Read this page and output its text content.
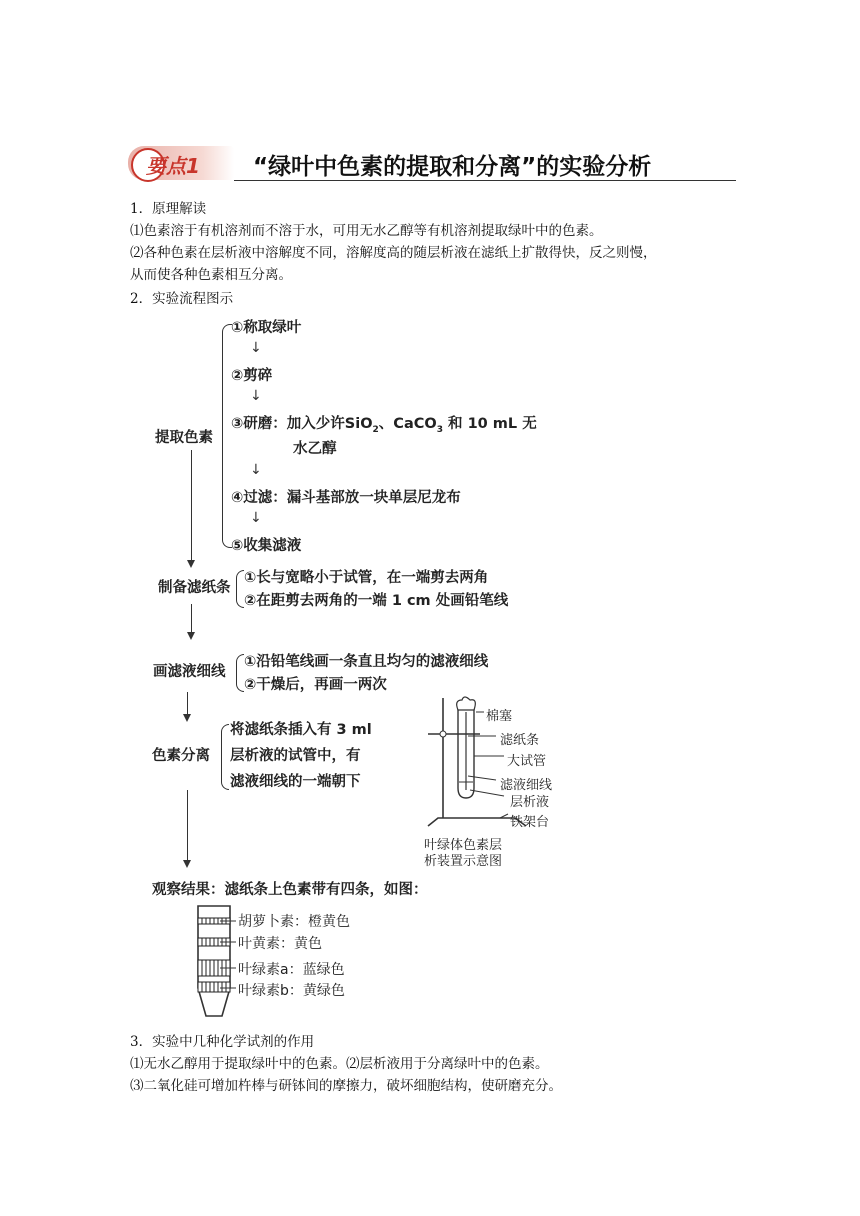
要点1 “绿叶中色素的提取和分离”的实验分析
1．原理解读
⑴色素溶于有机溶剂而不溶于水，可用无水乙醇等有机溶剂提取绿叶中的色素。
⑵各种色素在层析液中溶解度不同，溶解度高的随层析液在滤纸上扩散得快，反之则慢，
从而使各种色素相互分离。
2．实验流程图示
提取色素
①称取绿叶
↓
②剪碎
↓
③研磨：加入少许SiO$_2$、CaCO$_3$ 和 10 mL 无
水乙醇
↓
④过滤：漏斗基部放一块单层尼龙布
↓
⑤收集滤液
制备滤纸条
①长与宽略小于试管，在一端剪去两角
②在距剪去两角的一端 1 cm 处画铅笔线
画滤液细线
①沿铅笔线画一条直且均匀的滤液细线
②干燥后，再画一两次
色素分离
将滤纸条插入有 3 ml
层析液的试管中，有
滤液细线的一端朝下
观察结果：滤纸条上色素带有四条，如图：
棉塞
滤纸条
大试管
滤液细线
层析液
铁架台
叶绿体色素层
析装置示意图
胡萝卜素：橙黄色
叶黄素：黄色
叶绿素a：蓝绿色
叶绿素b：黄绿色
3．实验中几种化学试剂的作用
⑴无水乙醇用于提取绿叶中的色素。⑵层析液用于分离绿叶中的色素。
⑶二氧化硅可增加杵棒与研钵间的摩擦力，破坏细胞结构，使研磨充分。
